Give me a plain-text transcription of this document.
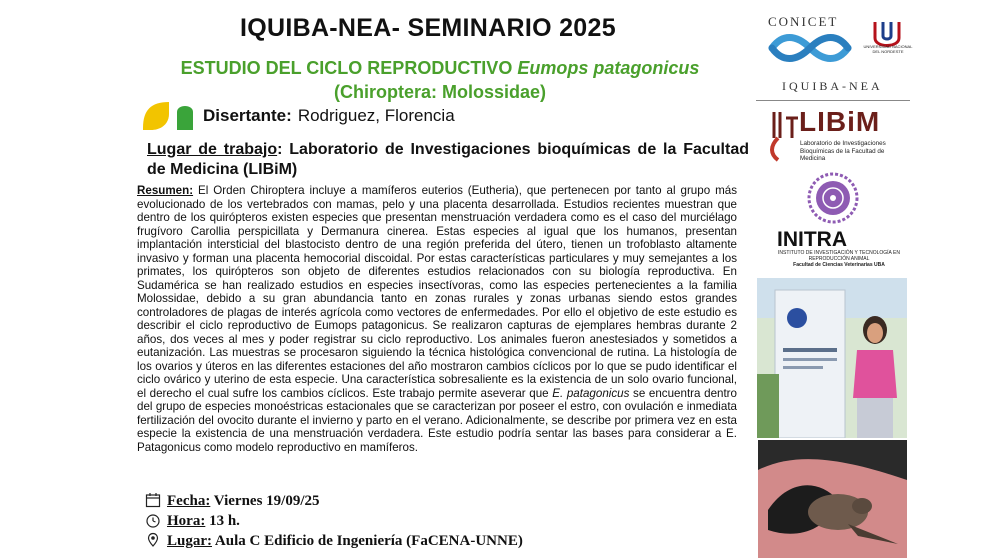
IQUIBA-NEA- SEMINARIO 2025
ESTUDIO DEL CICLO REPRODUCTIVO Eumops patagonicus
(Chiroptera: Molossidae)
Disertante: Rodriguez, Florencia
Lugar de trabajo: Laboratorio de Investigaciones bioquímicas de la Facultad de Medicina (LIBiM)
Resumen: El Orden Chiroptera incluye a mamíferos euterios (Eutheria), que pertenecen por tanto al grupo más evolucionado de los vertebrados con mamas, pelo y una placenta desarrollada. Estudios recientes muestran que dentro de los quirópteros existen especies que presentan menstruación verdadera como es el caso del murciélago frugívoro Carollia perspicillata y Dermanura cinerea. Estas especies al igual que los humanos, presentan implantación intersticial del blastocisto dentro de una región preferida del útero, tienen un trofoblasto altamente invasivo y forman una placenta hemocorial discoidal. Por estas características particulares y muy semejantes a los primates, los quirópteros son objeto de diferentes estudios relacionados con su biología reproductiva. En Sudamérica se han realizado estudios en especies insectívoras, como las especies pertenecientes a la familia Molossidae, debido a su gran abundancia tanto en zonas rurales y zonas urbanas siendo estos grandes controladores de plagas de interés agrícola como vectores de enfermedades. Por ello el objetivo de este estudio es describir el ciclo reproductivo de Eumops patagonicus. Se realizaron capturas de ejemplares hembras durante 2 años, dos veces al mes y poder registrar su ciclo reproductivo. Los animales fueron anestesiados y sometidos a eutanización. Las muestras se procesaron siguiendo la técnica histológica convencional de rutina. La histología de los ovarios y úteros en las diferentes estaciones del año mostraron cambios cíclicos por lo que se pudo identificar el ciclo ovárico y uterino de esta especie. Una característica sobresaliente es la existencia de un solo ovario funcional, el derecho el cual sufre los cambios cíclicos. Este trabajo permite aseverar que E. patagonicus se encuentra dentro del grupo de especies monoéstricas estacionales que se caracterizan por poseer el estro, con ovulación e inmediata fertilización del ovocito durante el invierno y parto en el verano. Adicionalmente, se describe por primera vez en esta especie la existencia de una menstruación verdadera. Este estudio podría sentar las bases para considerar a E. Patagonicus como modelo reproductivo en mamíferos.
Fecha: Viernes 19/09/25
Hora: 13 h.
Lugar: Aula C Edificio de Ingeniería (FaCENA-UNNE)
CONICET
UNIVERSIDAD NACIONAL DEL NORDESTE
IQUIBA-NEA
LIBiM
Laboratorio de Investigaciones Bioquímicas de la Facultad de Medicina
INITRA
INSTITUTO DE INVESTIGACIÓN Y TECNOLOGÍA EN REPRODUCCIÓN ANIMAL
Facultad de Ciencias Veterinarias UBA
